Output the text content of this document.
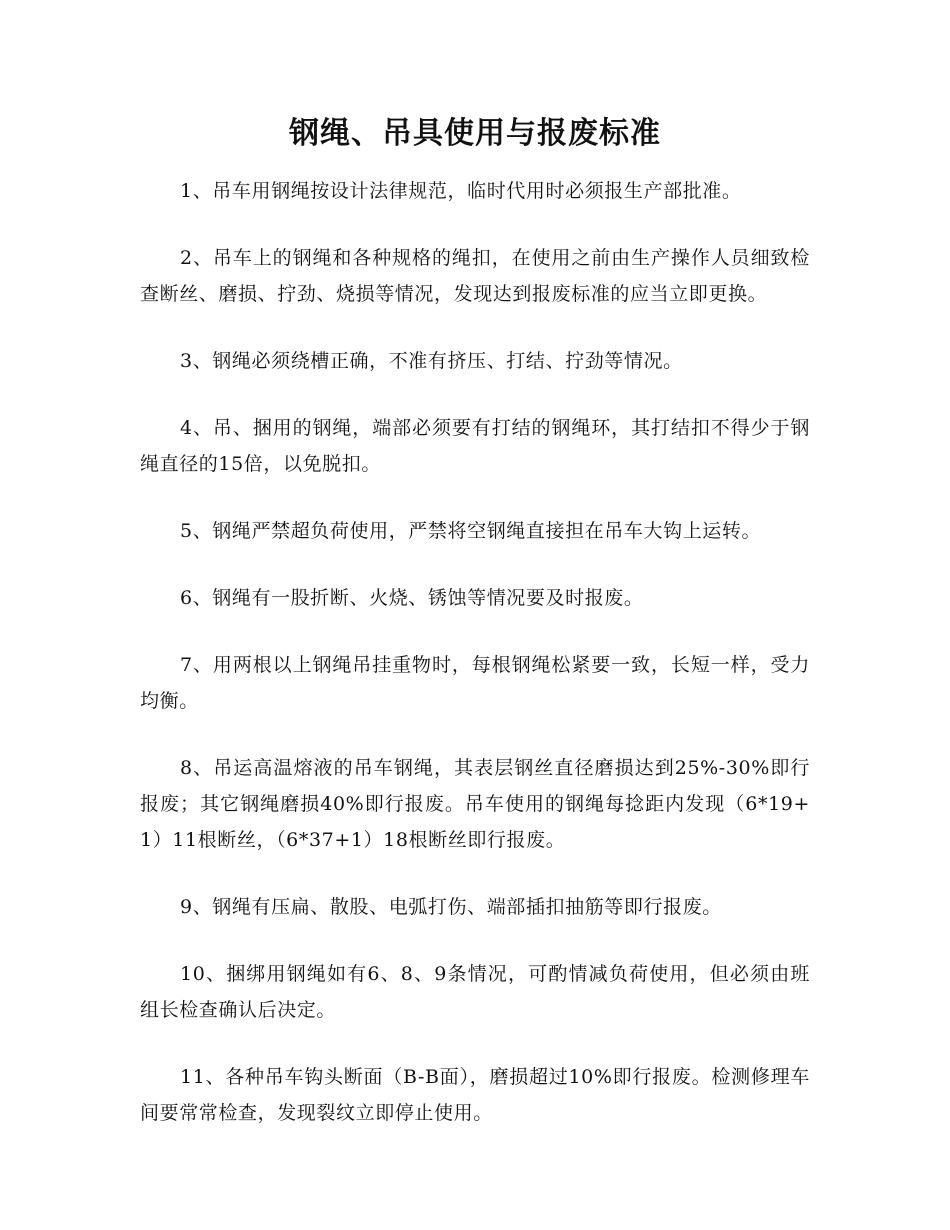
钢绳、吊具使用与报废标准

1、吊车用钢绳按设计法律规范，临时代用时必须报生产部批准。

2、吊车上的钢绳和各种规格的绳扣，在使用之前由生产操作人员细致检查断丝、磨损、拧劲、烧损等情况，发现达到报废标准的应当立即更换。

3、钢绳必须绕槽正确，不准有挤压、打结、拧劲等情况。

4、吊、捆用的钢绳，端部必须要有打结的钢绳环，其打结扣不得少于钢绳直径的15倍，以免脱扣。

5、钢绳严禁超负荷使用，严禁将空钢绳直接担在吊车大钩上运转。

6、钢绳有一股折断、火烧、锈蚀等情况要及时报废。

7、用两根以上钢绳吊挂重物时，每根钢绳松紧要一致，长短一样，受力均衡。

8、吊运高温熔液的吊车钢绳，其表层钢丝直径磨损达到25%-30%即行报废；其它钢绳磨损40%即行报废。吊车使用的钢绳每捻距内发现（6*19+1）11根断丝，（6*37+1）18根断丝即行报废。

9、钢绳有压扁、散股、电弧打伤、端部插扣抽筋等即行报废。

10、捆绑用钢绳如有6、8、9条情况，可酌情减负荷使用，但必须由班组长检查确认后决定。

11、各种吊车钩头断面（B-B面），磨损超过10%即行报废。检测修理车间要常常检查，发现裂纹立即停止使用。
